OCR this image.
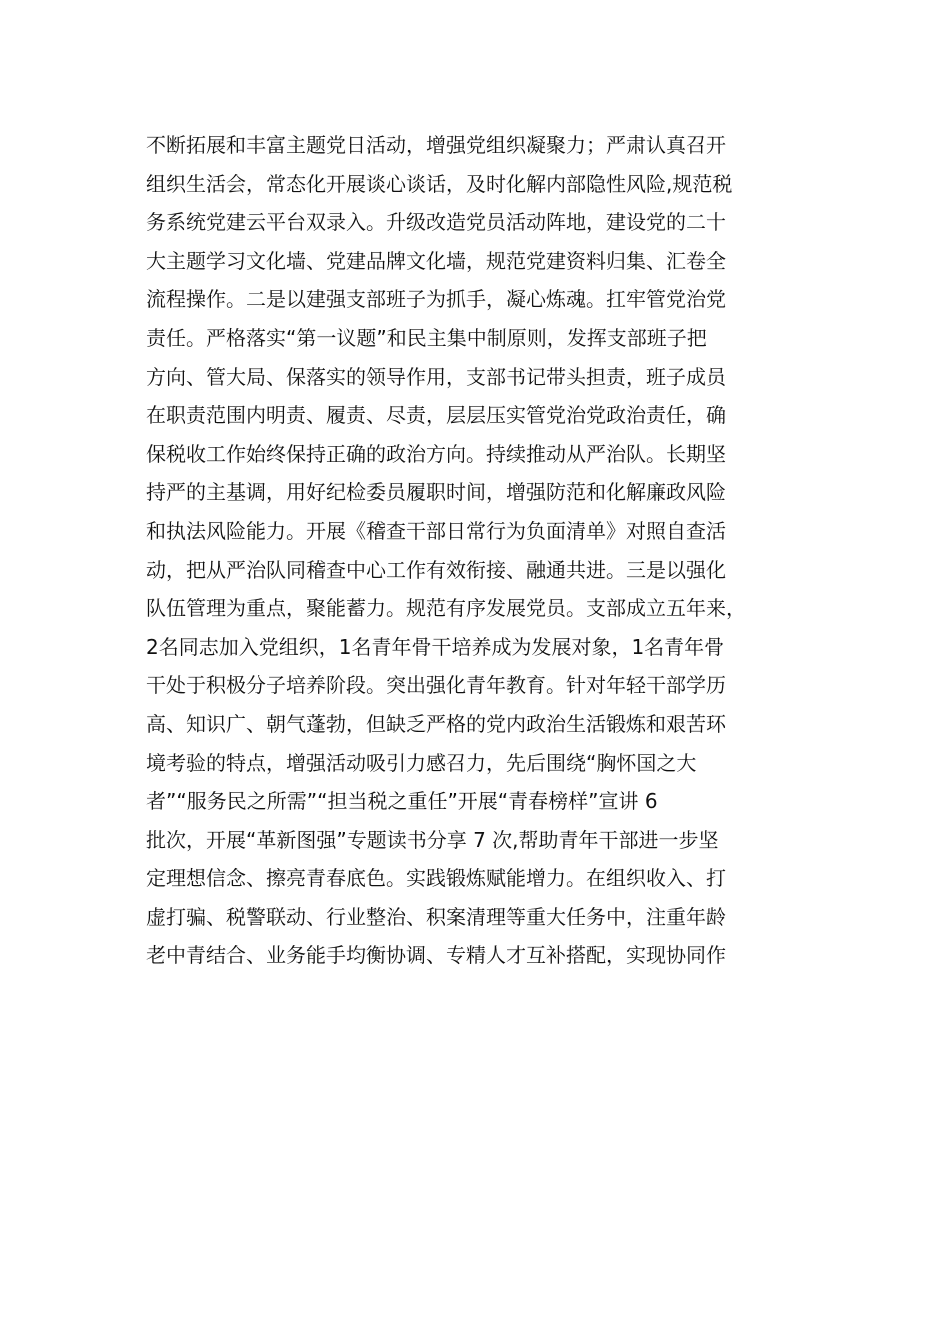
不断拓展和丰富主题党日活动，增强党组织凝聚力；严肃认真召开
组织生活会，常态化开展谈心谈话，及时化解内部隐性风险,规范税
务系统党建云平台双录入。升级改造党员活动阵地，建设党的二十
大主题学习文化墙、党建品牌文化墙，规范党建资料归集、汇卷全
流程操作。二是以建强支部班子为抓手，凝心炼魂。扛牢管党治党
责任。严格落实“第一议题”和民主集中制原则，发挥支部班子把
方向、管大局、保落实的领导作用，支部书记带头担责，班子成员
在职责范围内明责、履责、尽责，层层压实管党治党政治责任，确
保税收工作始终保持正确的政治方向。持续推动从严治队。长期坚
持严的主基调，用好纪检委员履职时间，增强防范和化解廉政风险
和执法风险能力。开展《稽查干部日常行为负面清单》对照自查活
动，把从严治队同稽查中心工作有效衔接、融通共进。三是以强化
队伍管理为重点，聚能蓄力。规范有序发展党员。支部成立五年来，
2名同志加入党组织，1名青年骨干培养成为发展对象，1名青年骨
干处于积极分子培养阶段。突出强化青年教育。针对年轻干部学历
高、知识广、朝气蓬勃，但缺乏严格的党内政治生活锻炼和艰苦环
境考验的特点，增强活动吸引力感召力，先后围绕“胸怀国之大
者”“服务民之所需”“担当税之重任”开展“青春榜样”宣讲 6
批次，开展“革新图强”专题读书分享 7 次,帮助青年干部进一步坚
定理想信念、擦亮青春底色。实践锻炼赋能增力。在组织收入、打
虚打骗、税警联动、行业整治、积案清理等重大任务中，注重年龄
老中青结合、业务能手均衡协调、专精人才互补搭配，实现协同作
